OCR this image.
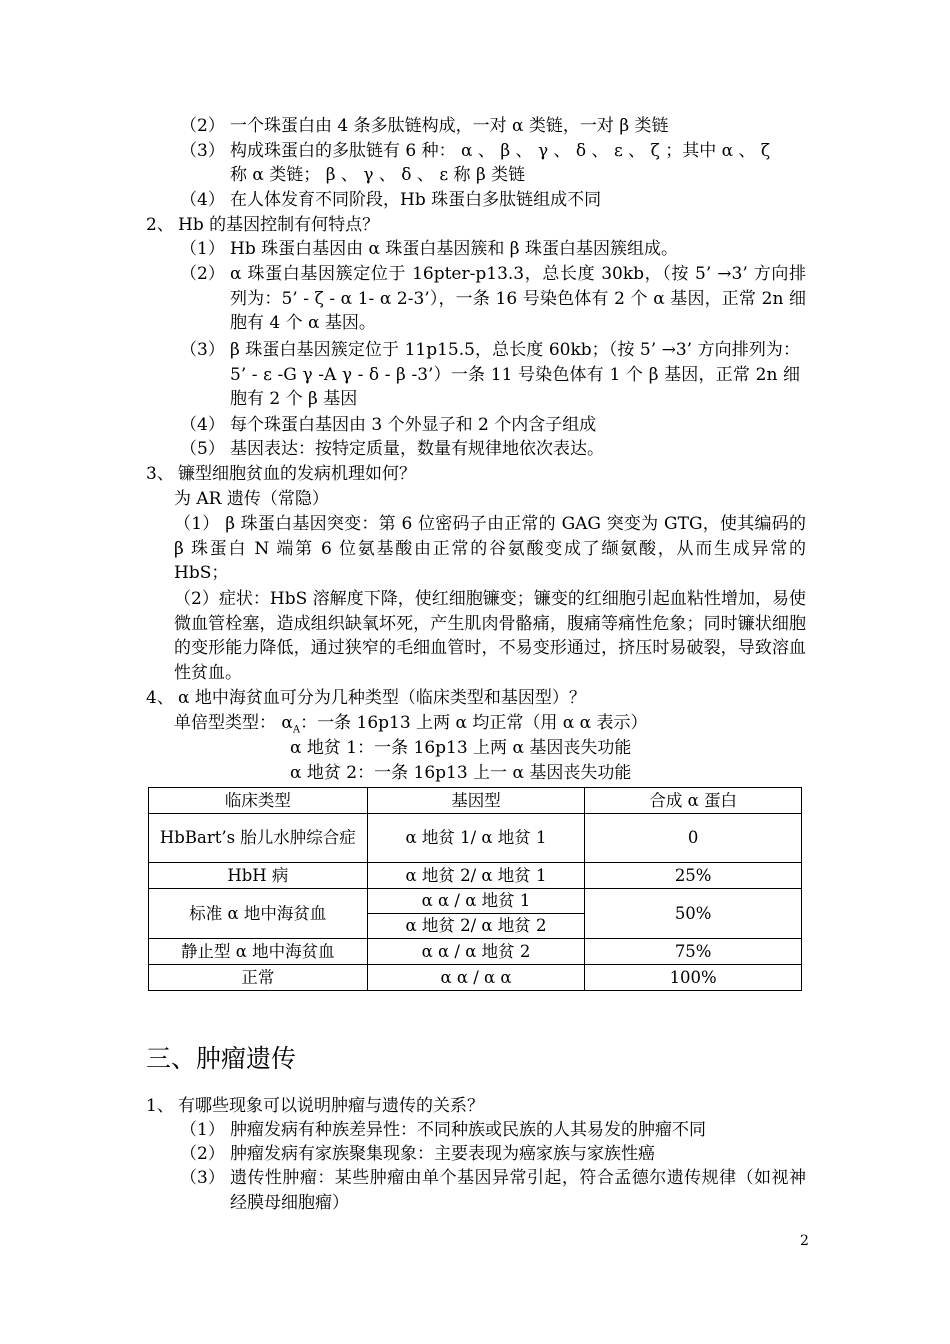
（2） 一个珠蛋白由 4 条多肽链构成，一对 α 类链，一对 β 类链
（3） 构成珠蛋白的多肽链有 6 种： α 、 β 、 γ 、 δ 、 ε 、 ζ ；其中 α 、 ζ
称 α 类链； β 、 γ 、 δ 、 ε 称 β 类链
（4） 在人体发育不同阶段，Hb 珠蛋白多肽链组成不同
2、 Hb 的基因控制有何特点？
（1） Hb 珠蛋白基因由 α 珠蛋白基因簇和 β 珠蛋白基因簇组成。
（2） α 珠蛋白基因簇定位于 16pter-p13.3，总长度 30kb，（按 5’ →3’ 方向排列为：5’ - ζ - α 1- α 2-3’），一条 16 号染色体有 2 个 α 基因，正常 2n 细胞有 4 个 α 基因。
（3） β 珠蛋白基因簇定位于 11p15.5，总长度 60kb；（按 5’ →3’ 方向排列为： 5’ - ε -G γ -A γ - δ - β -3’）一条 11 号染色体有 1 个 β 基因，正常 2n 细胞有 2 个 β 基因
（4） 每个珠蛋白基因由 3 个外显子和 2 个内含子组成
（5） 基因表达：按特定质量，数量有规律地依次表达。
3、 镰型细胞贫血的发病机理如何？
为 AR 遗传（常隐）
（1） β 珠蛋白基因突变：第 6 位密码子由正常的 GAG 突变为 GTG，使其编码的 β 珠蛋白 N 端第 6 位氨基酸由正常的谷氨酸变成了缬氨酸，从而生成异常的 HbS；
（2）症状：HbS 溶解度下降，使红细胞镰变；镰变的红细胞引起血粘性增加，易使微血管栓塞，造成组织缺氧坏死，产生肌肉骨骼痛，腹痛等痛性危象；同时镰状细胞的变形能力降低，通过狭窄的毛细血管时，不易变形通过，挤压时易破裂，导致溶血性贫血。
4、 α 地中海贫血可分为几种类型（临床类型和基因型）？
单倍型类型： $\alpha_A$：一条 16p13 上两 α 均正常（用 α α 表示）
α 地贫 1：一条 16p13 上两 α 基因丧失功能
α 地贫 2：一条 16p13 上一 α 基因丧失功能
临床类型	基因型	合成 α 蛋白
HbBart’s 胎儿水肿综合症	α 地贫 1/ α 地贫 1	0
HbH 病	α 地贫 2/ α 地贫 1	25%
标准 α 地中海贫血	α α / α 地贫 1	50%
	α 地贫 2/ α 地贫 2	
静止型 α 地中海贫血	α α / α 地贫 2	75%
正常	α α / α α	100%
三、肿瘤遗传
1、 有哪些现象可以说明肿瘤与遗传的关系？
（1） 肿瘤发病有种族差异性：不同种族或民族的人其易发的肿瘤不同
（2） 肿瘤发病有家族聚集现象：主要表现为癌家族与家族性癌
（3） 遗传性肿瘤：某些肿瘤由单个基因异常引起，符合孟德尔遗传规律（如视神经膜母细胞瘤）
2
